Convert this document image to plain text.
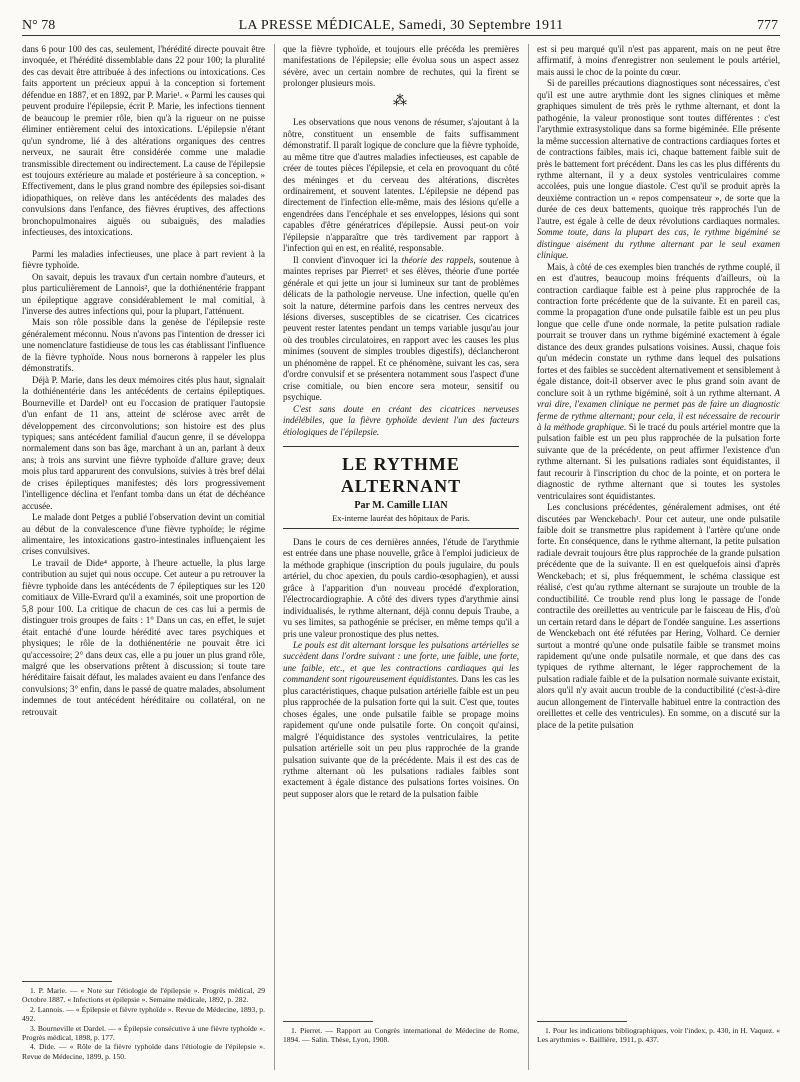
N° 78	LA PRESSE MÉDICALE, Samedi, 30 Septembre 1911	777

dans 6 pour 100 des cas, seulement, l'hérédité directe pouvait être invoquée, et l'hérédité dissemblable dans 22 pour 100; la pluralité des cas devait être attribuée à des infections ou intoxications. Ces faits apportent un précieux appui à la conception si fortement défendue en 1887, et en 1892, par P. Marie¹. « Parmi les causes qui peuvent produire l'épilepsie, écrit P. Marie, les infections tiennent de beaucoup le premier rôle, bien qu'à la rigueur on ne puisse éliminer entièrement celui des intoxications. L'épilepsie n'étant qu'un syndrome, lié à des altérations organiques des centres nerveux, ne saurait être considérée comme une maladie transmissible directement ou indirectement. La cause de l'épilepsie est toujours extérieure au malade et postérieure à sa conception. » Effectivement, dans le plus grand nombre des épilepsies soi-disant idiopathiques, on relève dans les antécédents des malades des convulsions dans l'enfance, des fièvres éruptives, des affections bronchopulmonaires aiguës ou subaiguës, des maladies infectieuses, des intoxications.

Parmi les maladies infectieuses, une place à part revient à la fièvre typhoïde.

On savait, depuis les travaux d'un certain nombre d'auteurs, et plus particulièrement de Lannois², que la dothiénentérie frappant un épileptique aggrave considérablement le mal comitial, à l'inverse des autres infections qui, pour la plupart, l'atténuent.

Mais son rôle possible dans la genèse de l'épilepsie reste généralement méconnu. Nous n'avons pas l'intention de dresser ici une nomenclature fastidieuse de tous les cas établissant l'influence de la fièvre typhoïde. Nous nous bornerons à rappeler les plus démonstratifs.

Déjà P. Marie, dans les deux mémoires cités plus haut, signalait la dothiénentérie dans les antécédents de certains épileptiques. Bourneville et Dardel³ ont eu l'occasion de pratiquer l'autopsie d'un enfant de 11 ans, atteint de sclérose avec arrêt de développement des circonvolutions; son histoire est des plus typiques; sans antécédent familial d'aucun genre, il se développa normalement dans son bas âge, marchant à un an, parlant à deux ans; à trois ans survint une fièvre typhoïde d'allure grave; deux mois plus tard apparurent des convulsions, suivies à très bref délai de crises épileptiques manifestes; dès lors progressivement l'intelligence déclina et l'enfant tomba dans un état de déchéance accusée.

Le malade dont Petges a publié l'observation devint un comitial au début de la convalescence d'une fièvre typhoïde; le régime alimentaire, les intoxications gastro-intestinales influençaient les crises convulsives.

Le travail de Dide⁴ apporte, à l'heure actuelle, la plus large contribution au sujet qui nous occupe. Cet auteur a pu retrouver la fièvre typhoïde dans les antécédents de 7 épileptiques sur les 120 comitiaux de Ville-Evrard qu'il a examinés, soit une proportion de 5,8 pour 100. La critique de chacun de ces cas lui a permis de distinguer trois groupes de faits : 1° Dans un cas, en effet, le sujet était entaché d'une lourde hérédité avec tares psychiques et physiques; le rôle de la dothiénentérie ne pouvait être ici qu'accessoire; 2° dans deux cas, elle a pu jouer un plus grand rôle, malgré que les observations prêtent à discussion; si toute tare héréditaire faisait défaut, les malades avaient eu dans l'enfance des convulsions; 3° enfin, dans le passé de quatre malades, absolument indemnes de tout antécédent héréditaire ou collatéral, on ne retrouvait

1. P. Marie. — « Note sur l'étiologie de l'épilepsie ». Progrès médical, 29 Octobre 1887. « Infections et épilepsie ». Semaine médicale, 1892, p. 282.

2. Lannois. — « Épilepsie et fièvre typhoïde ». Revue de Médecine, 1893, p. 492.

3. Bourneville et Dardel. — « Épilepsie consécutive à une fièvre typhoïde ». Progrès médical, 1898, p. 177.

4. Dide. — « Rôle de la fièvre typhoïde dans l'étiologie de l'épilepsie ». Revue de Médecine, 1899, p. 150.

que la fièvre typhoïde, et toujours elle précéda les premières manifestations de l'épilepsie; elle évolua sous un aspect assez sévère, avec un certain nombre de rechutes, qui la firent se prolonger plusieurs mois.

⁂

Les observations que nous venons de résumer, s'ajoutant à la nôtre, constituent un ensemble de faits suffisamment démonstratif. Il paraît logique de conclure que la fièvre typhoïde, au même titre que d'autres maladies infectieuses, est capable de créer de toutes pièces l'épilepsie, et cela en provoquant du côté des méninges et du cerveau des altérations, discrètes ordinairement, et souvent latentes. L'épilepsie ne dépend pas directement de l'infection elle-même, mais des lésions qu'elle a engendrées dans l'encéphale et ses enveloppes, lésions qui sont capables d'être génératrices d'épilepsie. Aussi peut-on voir l'épilepsie n'apparaître que très tardivement par rapport à l'infection qui en est, en réalité, responsable.

Il convient d'invoquer ici la théorie des rappels, soutenue à maintes reprises par Pierret¹ et ses élèves, théorie d'une portée générale et qui jette un jour si lumineux sur tant de problèmes délicats de la pathologie nerveuse. Une infection, quelle qu'en soit la nature, détermine parfois dans les centres nerveux des lésions diverses, susceptibles de se cicatriser. Ces cicatrices peuvent rester latentes pendant un temps variable jusqu'au jour où des troubles circulatoires, en rapport avec les causes les plus minimes (souvent de simples troubles digestifs), déclancheront un phénomène de rappel. Et ce phénomène, suivant les cas, sera d'ordre convulsif et se présentera notamment sous l'aspect d'une crise comitiale, ou bien encore sera moteur, sensitif ou psychique.

C'est sans doute en créant des cicatrices nerveuses indélébiles, que la fièvre typhoïde devient l'un des facteurs étiologiques de l'épilepsie.

LE RYTHME ALTERNANT
Par M. Camille LIAN
Ex-interne lauréat des hôpitaux de Paris.

Dans le cours de ces dernières années, l'étude de l'arythmie est entrée dans une phase nouvelle, grâce à l'emploi judicieux de la méthode graphique (inscription du pouls jugulaire, du pouls artériel, du choc apexien, du pouls cardio-œsophagien), et aussi grâce à l'apparition d'un nouveau procédé d'exploration, l'électrocardiographie. A côté des divers types d'arythmie ainsi individualisés, le rythme alternant, déjà connu depuis Traube, a vu ses limites, sa pathogénie se préciser, en même temps qu'il a pris une valeur pronostique des plus nettes.

Le pouls est dit alternant lorsque les pulsations artérielles se succèdent dans l'ordre suivant : une forte, une faible, une forte, une faible, etc., et que les contractions cardiaques qui les commandent sont rigoureusement équidistantes. Dans les cas les plus caractéristiques, chaque pulsation artérielle faible est un peu plus rapprochée de la pulsation forte qui la suit. C'est que, toutes choses égales, une onde pulsatile faible se propage moins rapidement qu'une onde pulsatile forte. On conçoit qu'ainsi, malgré l'équidistance des systoles ventriculaires, la petite pulsation artérielle soit un peu plus rapprochée de la grande pulsation suivante que de la précédente. Mais il est des cas de rythme alternant où les pulsations radiales faibles sont exactement à égale distance des pulsations fortes voisines. On peut supposer alors que le retard de la pulsation faible

1. Pierret. — Rapport au Congrès international de Médecine de Rome, 1894. — Salin. Thèse, Lyon, 1908.

est si peu marqué qu'il n'est pas apparent, mais on ne peut être affirmatif, à moins d'enregistrer non seulement le pouls artériel, mais aussi le choc de la pointe du cœur.

Si de pareilles précautions diagnostiques sont nécessaires, c'est qu'il est une autre arythmie dont les signes cliniques et même graphiques simulent de très près le rythme alternant, et dont la pathogénie, la valeur pronostique sont toutes différentes : c'est l'arythmie extrasystolique dans sa forme bigéminée. Elle présente la même succession alternative de contractions cardiaques fortes et de contractions faibles, mais ici, chaque battement faible suit de près le battement fort précédent. Dans les cas les plus différents du rythme alternant, il y a deux systoles ventriculaires comme accolées, puis une longue diastole. C'est qu'il se produit après la deuxième contraction un « repos compensateur », de sorte que la durée de ces deux battements, quoique très rapprochés l'un de l'autre, est égale à celle de deux révolutions cardiaques normales. Somme toute, dans la plupart des cas, le rythme bigéminé se distingue aisément du rythme alternant par le seul examen clinique.

Mais, à côté de ces exemples bien tranchés de rythme couplé, il en est d'autres, beaucoup moins fréquents d'ailleurs, où la contraction cardiaque faible est à peine plus rapprochée de la contraction forte précédente que de la suivante. Et en pareil cas, comme la propagation d'une onde pulsatile faible est un peu plus longue que celle d'une onde normale, la petite pulsation radiale pourrait se trouver dans un rythme bigéminé exactement à égale distance des deux grandes pulsations voisines. Aussi, chaque fois qu'un médecin constate un rythme dans lequel des pulsations fortes et des faibles se succèdent alternativement et sensiblement à égale distance, doit-il observer avec le plus grand soin avant de conclure soit à un rythme bigéminé, soit à un rythme alternant. A vrai dire, l'examen clinique ne permet pas de faire un diagnostic ferme de rythme alternant; pour cela, il est nécessaire de recourir à la méthode graphique. Si le tracé du pouls artériel montre que la pulsation faible est un peu plus rapprochée de la pulsation forte suivante que de la précédente, on peut affirmer l'existence d'un rythme alternant. Si les pulsations radiales sont équidistantes, il faut recourir à l'inscription du choc de la pointe, et on portera le diagnostic de rythme alternant que si toutes les systoles ventriculaires sont équidistantes.

Les conclusions précédentes, généralement admises, ont été discutées par Wenckebach¹. Pour cet auteur, une onde pulsatile faible doit se transmettre plus rapidement à l'artère qu'une onde forte. En conséquence, dans le rythme alternant, la petite pulsation radiale devrait toujours être plus rapprochée de la grande pulsation précédente que de la suivante. Il en est quelquefois ainsi d'après Wenckebach; et si, plus fréquemment, le schéma classique est réalisé, c'est qu'au rythme alternant se surajoute un trouble de la conductibilité. Ce trouble rend plus long le passage de l'onde contractile des oreillettes au ventricule par le faisceau de His, d'où un certain retard dans le départ de l'ondée sanguine. Les assertions de Wenckebach ont été réfutées par Hering, Volhard. Ce dernier surtout a montré qu'une onde pulsatile faible se transmet moins rapidement qu'une onde pulsatile normale, et que dans des cas typiques de rythme alternant, le léger rapprochement de la pulsation radiale faible et de la pulsation normale suivante existait, alors qu'il n'y avait aucun trouble de la conductibilité (c'est-à-dire aucun allongement de l'intervalle habituel entre la contraction des oreillettes et celle des ventricules). En somme, on a discuté sur la place de la petite pulsation

1. Pour les indications bibliographiques, voir l'index, p. 430, in H. Vaquez. « Les arythmies ». Baillière, 1911, p. 437.
